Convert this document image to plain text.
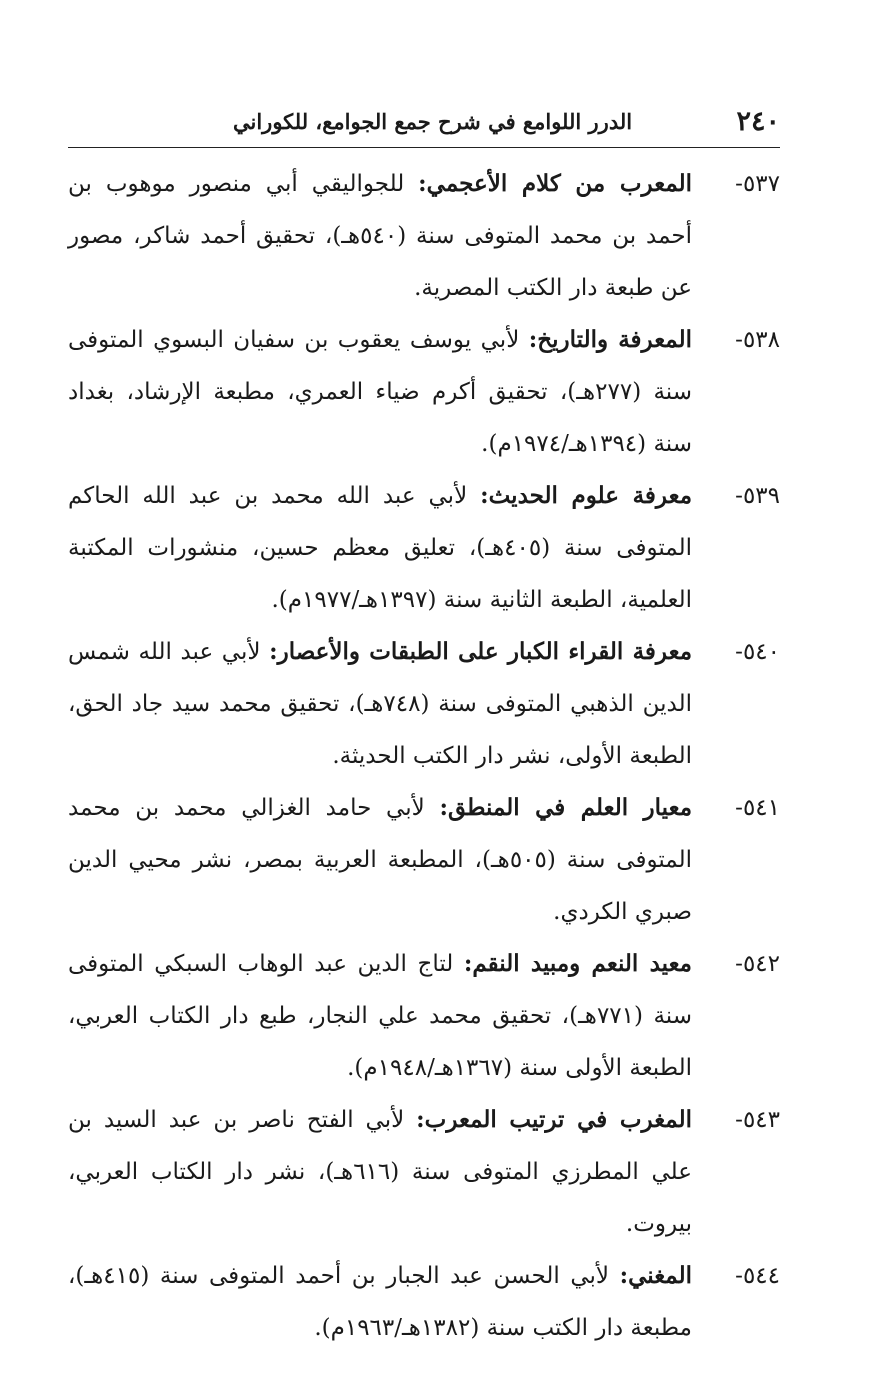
٢٤٠
الدرر اللوامع في شرح جمع الجوامع، للكوراني
٥٣٧-
المعرب من كلام الأعجمي: للجواليقي أبي منصور موهوب بن أحمد بن محمد المتوفى سنة (٥٤٠هـ)، تحقيق أحمد شاكر، مصور عن طبعة دار الكتب المصرية.
٥٣٨-
المعرفة والتاريخ: لأبي يوسف يعقوب بن سفيان البسوي المتوفى سنة (٢٧٧هـ)، تحقيق أكرم ضياء العمري، مطبعة الإرشاد، بغداد سنة (١٣٩٤هـ/١٩٧٤م).
٥٣٩-
معرفة علوم الحديث: لأبي عبد الله محمد بن عبد الله الحاكم المتوفى سنة (٤٠٥هـ)، تعليق معظم حسين، منشورات المكتبة العلمية، الطبعة الثانية سنة (١٣٩٧هـ/١٩٧٧م).
٥٤٠-
معرفة القراء الكبار على الطبقات والأعصار: لأبي عبد الله شمس الدين الذهبي المتوفى سنة (٧٤٨هـ)، تحقيق محمد سيد جاد الحق، الطبعة الأولى، نشر دار الكتب الحديثة.
٥٤١-
معيار العلم في المنطق: لأبي حامد الغزالي محمد بن محمد المتوفى سنة (٥٠٥هـ)، المطبعة العربية بمصر، نشر محيي الدين صبري الكردي.
٥٤٢-
معيد النعم ومبيد النقم: لتاج الدين عبد الوهاب السبكي المتوفى سنة (٧٧١هـ)، تحقيق محمد علي النجار، طبع دار الكتاب العربي، الطبعة الأولى سنة (١٣٦٧هـ/١٩٤٨م).
٥٤٣-
المغرب في ترتيب المعرب: لأبي الفتح ناصر بن عبد السيد بن علي المطرزي المتوفى سنة (٦١٦هـ)، نشر دار الكتاب العربي، بيروت.
٥٤٤-
المغني: لأبي الحسن عبد الجبار بن أحمد المتوفى سنة (٤١٥هـ)، مطبعة دار الكتب سنة (١٣٨٢هـ/١٩٦٣م).
